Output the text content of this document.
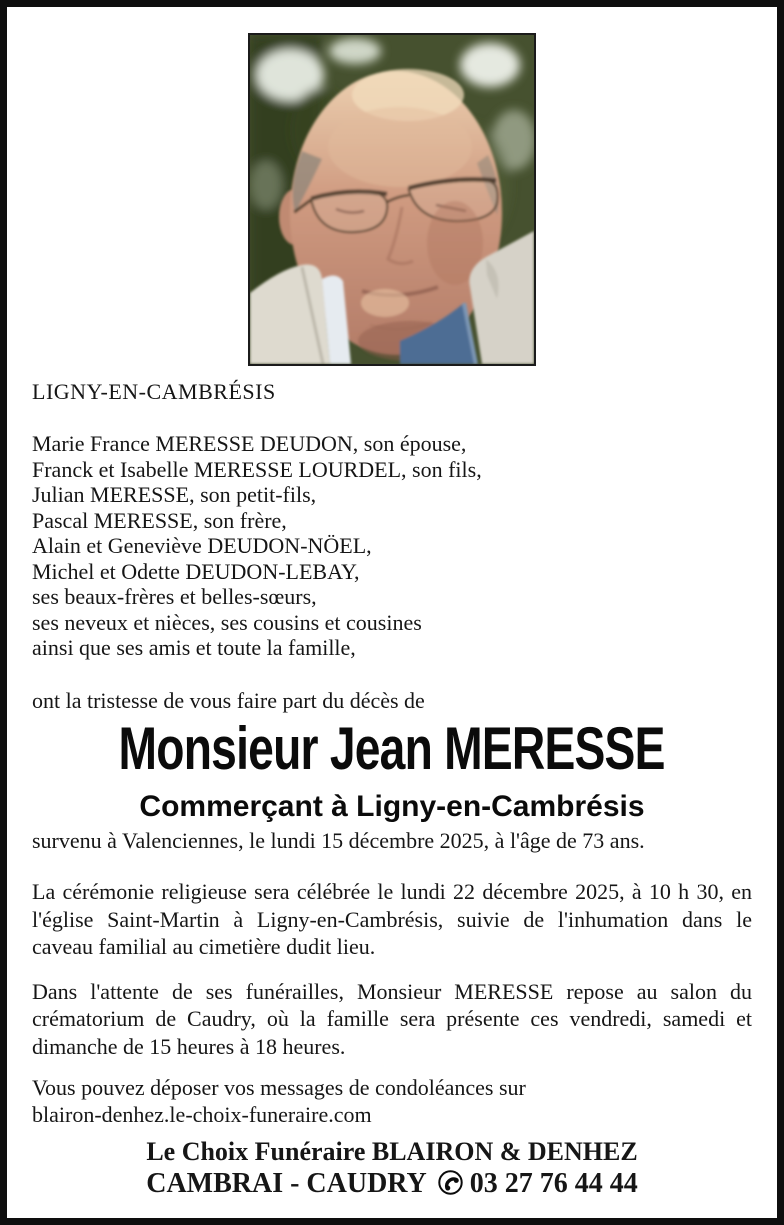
LIGNY-EN-CAMBRÉSIS
Marie France MERESSE DEUDON, son épouse,
Franck et Isabelle MERESSE LOURDEL, son fils,
Julian MERESSE, son petit-fils,
Pascal MERESSE, son frère,
Alain et Geneviève DEUDON-NÖEL,
Michel et Odette DEUDON-LEBAY,
ses beaux-frères et belles-sœurs,
ses neveux et nièces, ses cousins et cousines
ainsi que ses amis et toute la famille,
ont la tristesse de vous faire part du décès de
Monsieur Jean MERESSE
Commerçant à Ligny-en-Cambrésis

survenu à Valenciennes, le lundi 15 décembre 2025, à l'âge de 73 ans.

La cérémonie religieuse sera célébrée le lundi 22 décembre 2025, à 10 h 30, en l'église Saint-Martin à Ligny-en-Cambrésis, suivie de l'inhumation dans le caveau familial au cimetière dudit lieu.

Dans l'attente de ses funérailles, Monsieur MERESSE repose au salon du crématorium de Caudry, où la famille sera présente ces vendredi, samedi et dimanche de 15 heures à 18 heures.

Vous pouvez déposer vos messages de condoléances sur
blairon-denhez.le-choix-funeraire.com
Le Choix Funéraire BLAIRON & DENHEZ
CAMBRAI - CAUDRY 03 27 76 44 44
